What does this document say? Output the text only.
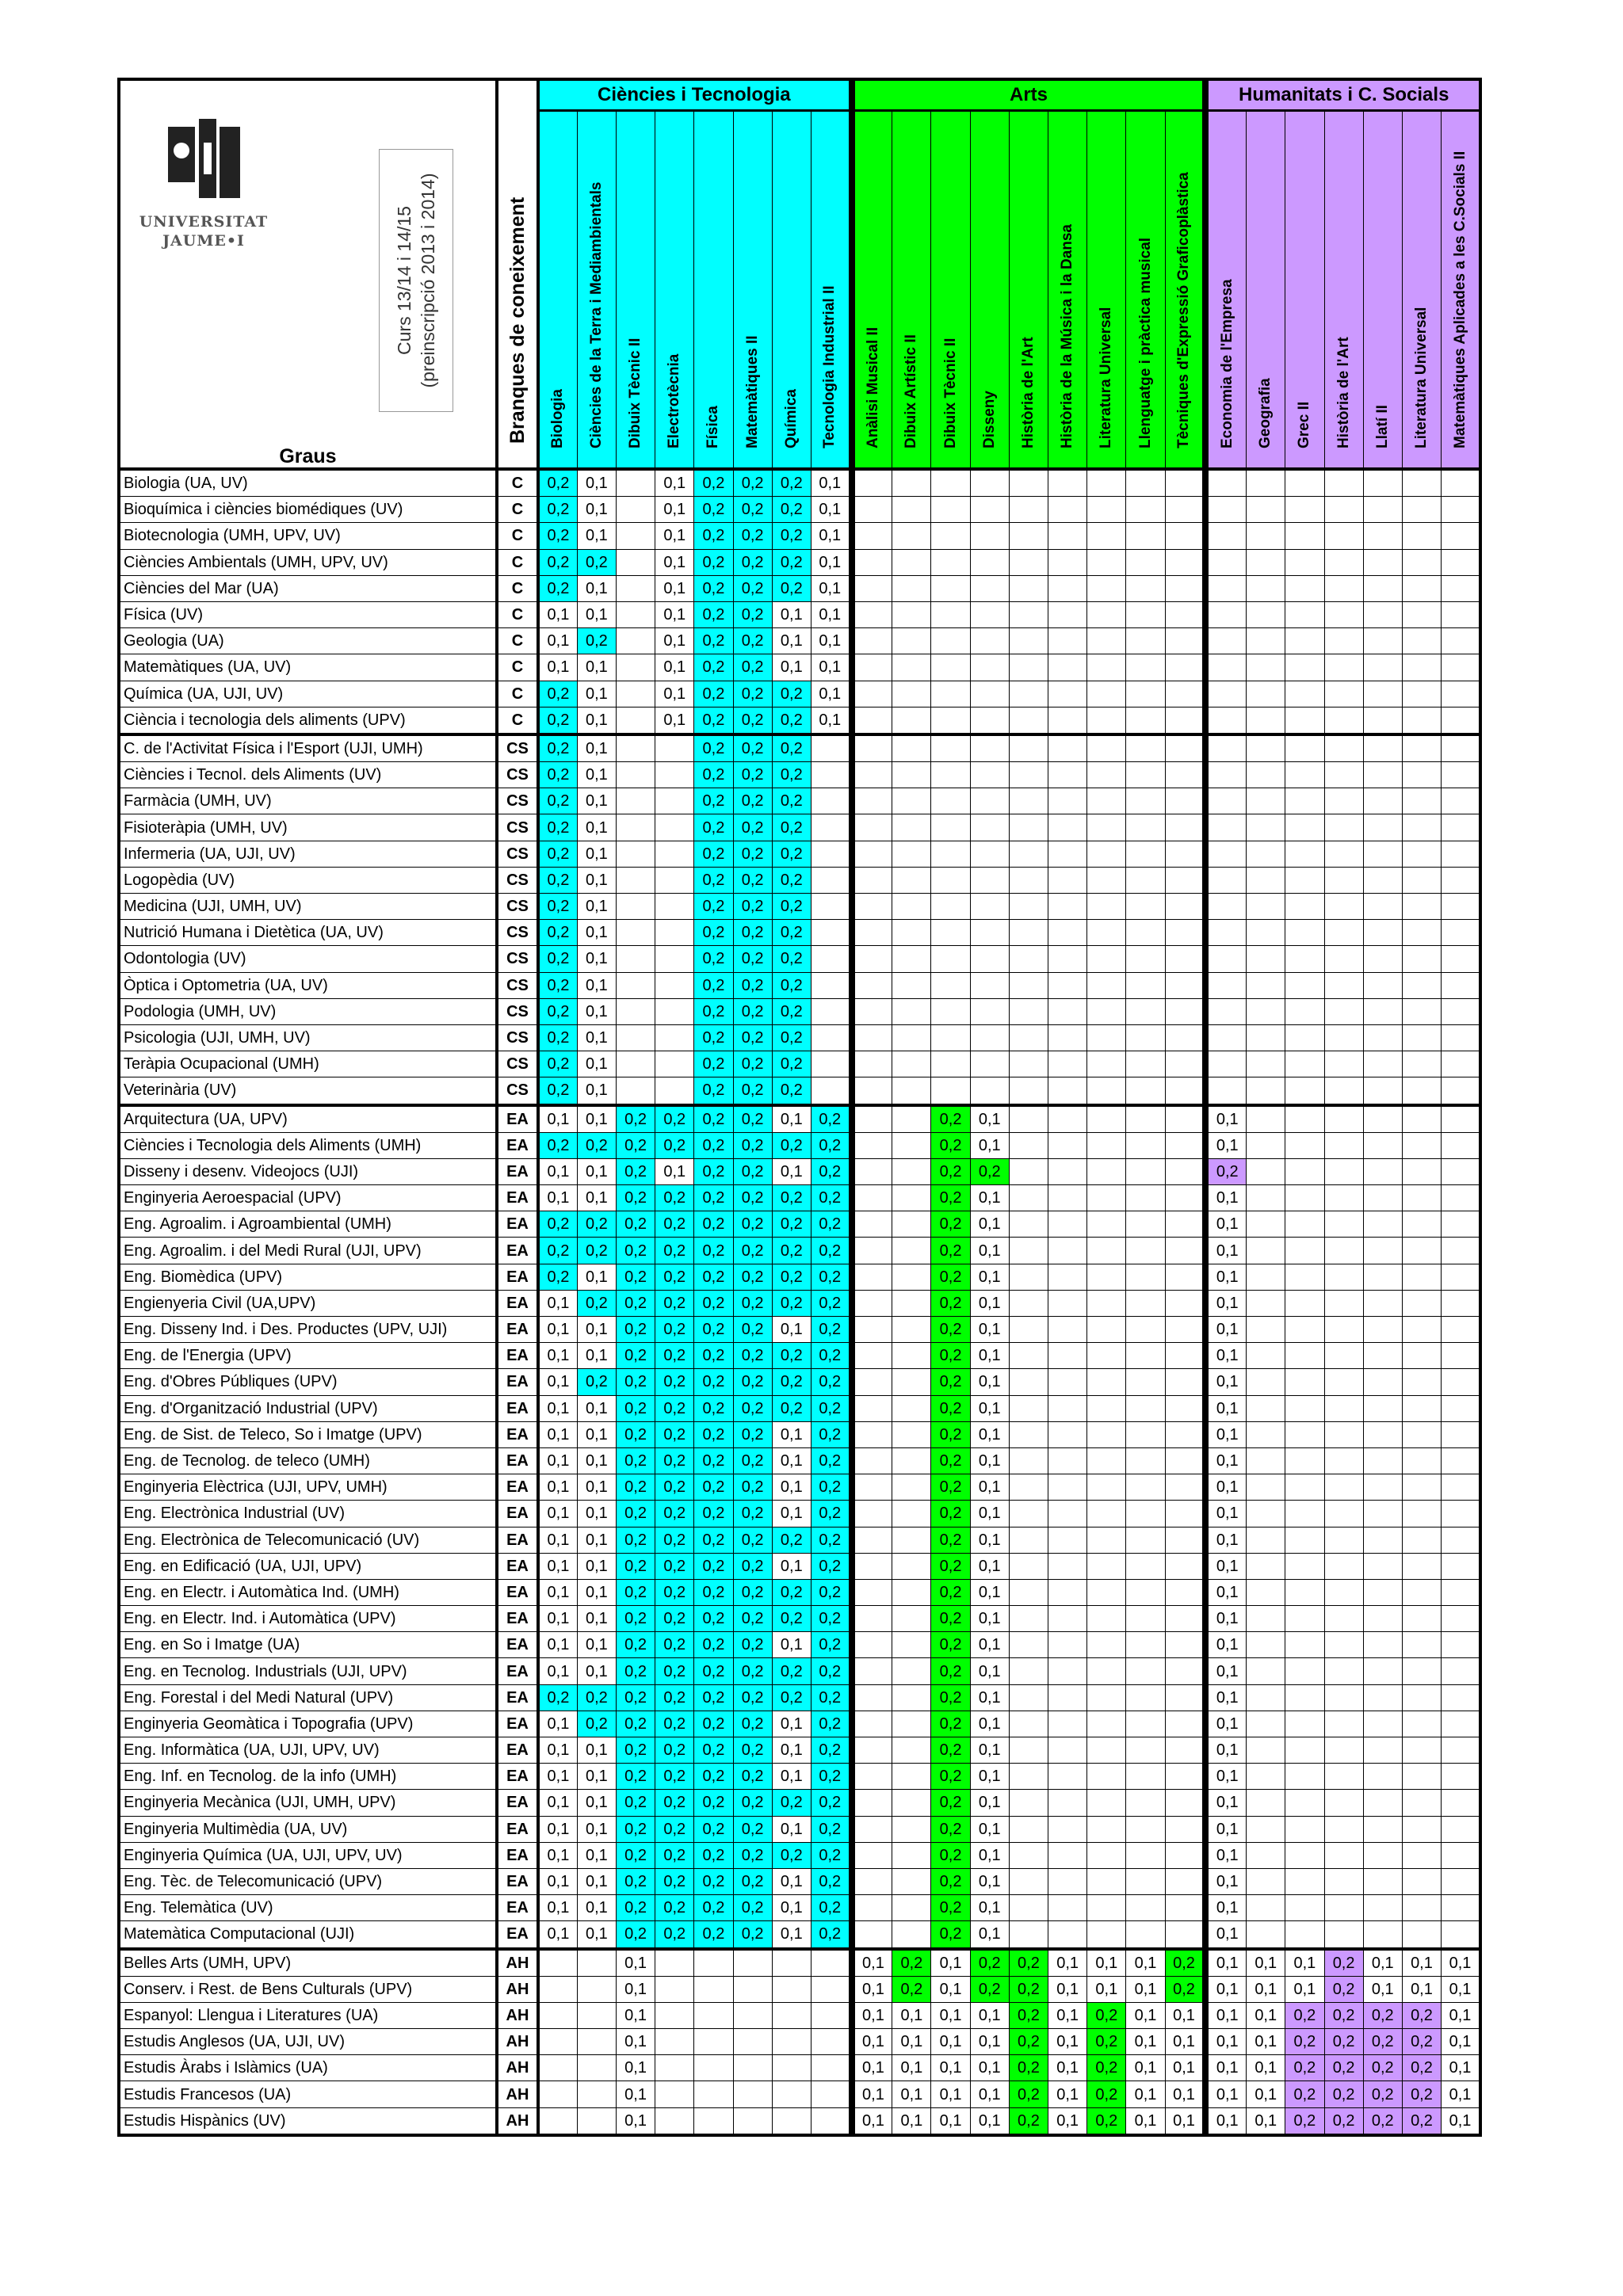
UNIVERSITAT
JAUME•I	Curs 13/14 i 14/15 (preinscripció 2013 i 2014)
Graus	Branques de coneixement	Ciències i Tecnologia									Arts										Humanitats i C. Socials						

		Biologia	Ciències de la Terra i Mediambientals	Dibuix Tècnic II	Electrotècnia	Física	Matemàtiques II	Química	Tecnologia Industrial II		Anàlisi Musical II	Dibuix Artístic II	Dibuix Tècnic II	Disseny	Història de l'Art	Història de la Música i la Dansa	Literatura Universal	Llenguatge i pràctica musical	Tècniques d'Expressió Graficoplàstica		Economia de l'Empresa	Geografia	Grec II	Història de l'Art	Llatí II	Literatura Universal	Matemàtiques Aplicades a les C.Socials II

Biologia (UA, UV)	C	0,2	0,1		0,1	0,2	0,2	0,2	0,1																		
Bioquímica i ciències biomédiques (UV)	C	0,2	0,1		0,1	0,2	0,2	0,2	0,1																		
Biotecnologia (UMH, UPV, UV)	C	0,2	0,1		0,1	0,2	0,2	0,2	0,1																		
Ciències Ambientals (UMH, UPV, UV)	C	0,2	0,2		0,1	0,2	0,2	0,2	0,1																		
Ciències del Mar (UA)	C	0,2	0,1		0,1	0,2	0,2	0,2	0,1																		
Física (UV)	C	0,1	0,1		0,1	0,2	0,2	0,1	0,1																		
Geologia (UA)	C	0,1	0,2		0,1	0,2	0,2	0,1	0,1																		
Matemàtiques (UA, UV)	C	0,1	0,1		0,1	0,2	0,2	0,1	0,1																		
Química (UA, UJI, UV)	C	0,2	0,1		0,1	0,2	0,2	0,2	0,1																		
Ciència i tecnologia dels aliments (UPV)	C	0,2	0,1		0,1	0,2	0,2	0,2	0,1																		
C. de l'Activitat Física i l'Esport (UJI, UMH)	CS	0,2	0,1			0,2	0,2	0,2																			
Ciències i Tecnol. dels Aliments (UV)	CS	0,2	0,1			0,2	0,2	0,2																			
Farmàcia (UMH, UV)	CS	0,2	0,1			0,2	0,2	0,2																			
Fisioteràpia (UMH, UV)	CS	0,2	0,1			0,2	0,2	0,2																			
Infermeria (UA, UJI, UV)	CS	0,2	0,1			0,2	0,2	0,2																			
Logopèdia (UV)	CS	0,2	0,1			0,2	0,2	0,2																			
Medicina (UJI, UMH, UV)	CS	0,2	0,1			0,2	0,2	0,2																			
Nutrició Humana i Dietètica (UA, UV)	CS	0,2	0,1			0,2	0,2	0,2																			
Odontologia (UV)	CS	0,2	0,1			0,2	0,2	0,2																			
Òptica i Optometria (UA, UV)	CS	0,2	0,1			0,2	0,2	0,2																			
Podologia (UMH, UV)	CS	0,2	0,1			0,2	0,2	0,2																			
Psicologia (UJI, UMH, UV)	CS	0,2	0,1			0,2	0,2	0,2																			
Teràpia Ocupacional (UMH)	CS	0,2	0,1			0,2	0,2	0,2																			
Veterinària (UV)	CS	0,2	0,1			0,2	0,2	0,2																			
Arquitectura (UA, UPV)	EA	0,1	0,1	0,2	0,2	0,2	0,2	0,1	0,2				0,2	0,1							0,1						
Ciències i Tecnologia dels Aliments (UMH)	EA	0,2	0,2	0,2	0,2	0,2	0,2	0,2	0,2				0,2	0,1							0,1						
Disseny i desenv. Videojocs (UJI)	EA	0,1	0,1	0,2	0,1	0,2	0,2	0,1	0,2				0,2	0,2							0,2						
Enginyeria Aeroespacial (UPV)	EA	0,1	0,1	0,2	0,2	0,2	0,2	0,2	0,2				0,2	0,1							0,1						
Eng. Agroalim. i Agroambiental (UMH)	EA	0,2	0,2	0,2	0,2	0,2	0,2	0,2	0,2				0,2	0,1							0,1						
Eng. Agroalim. i del Medi Rural (UJI, UPV)	EA	0,2	0,2	0,2	0,2	0,2	0,2	0,2	0,2				0,2	0,1							0,1						
Eng. Biomèdica (UPV)	EA	0,2	0,1	0,2	0,2	0,2	0,2	0,2	0,2				0,2	0,1							0,1						
Engienyeria Civil (UA,UPV)	EA	0,1	0,2	0,2	0,2	0,2	0,2	0,2	0,2				0,2	0,1							0,1						
Eng. Disseny Ind. i Des. Productes (UPV, UJI)	EA	0,1	0,1	0,2	0,2	0,2	0,2	0,1	0,2				0,2	0,1							0,1						
Eng. de l'Energia (UPV)	EA	0,1	0,1	0,2	0,2	0,2	0,2	0,2	0,2				0,2	0,1							0,1						
Eng. d'Obres Públiques (UPV)	EA	0,1	0,2	0,2	0,2	0,2	0,2	0,2	0,2				0,2	0,1							0,1						
Eng. d'Organització Industrial (UPV)	EA	0,1	0,1	0,2	0,2	0,2	0,2	0,2	0,2				0,2	0,1							0,1						
Eng. de Sist. de Teleco, So i Imatge (UPV)	EA	0,1	0,1	0,2	0,2	0,2	0,2	0,1	0,2				0,2	0,1							0,1						
Eng. de Tecnolog. de teleco (UMH)	EA	0,1	0,1	0,2	0,2	0,2	0,2	0,1	0,2				0,2	0,1							0,1						
Enginyeria Elèctrica (UJI, UPV, UMH)	EA	0,1	0,1	0,2	0,2	0,2	0,2	0,1	0,2				0,2	0,1							0,1						
Eng. Electrònica Industrial (UV)	EA	0,1	0,1	0,2	0,2	0,2	0,2	0,1	0,2				0,2	0,1							0,1						
Eng. Electrònica de Telecomunicació (UV)	EA	0,1	0,1	0,2	0,2	0,2	0,2	0,2	0,2				0,2	0,1							0,1						
Eng. en Edificació (UA, UJI, UPV)	EA	0,1	0,1	0,2	0,2	0,2	0,2	0,1	0,2				0,2	0,1							0,1						
Eng. en Electr. i Automàtica Ind. (UMH)	EA	0,1	0,1	0,2	0,2	0,2	0,2	0,2	0,2				0,2	0,1							0,1						
Eng. en Electr. Ind. i Automàtica (UPV)	EA	0,1	0,1	0,2	0,2	0,2	0,2	0,2	0,2				0,2	0,1							0,1						
Eng. en So i Imatge (UA)	EA	0,1	0,1	0,2	0,2	0,2	0,2	0,1	0,2				0,2	0,1							0,1						
Eng. en Tecnolog. Industrials (UJI, UPV)	EA	0,1	0,1	0,2	0,2	0,2	0,2	0,2	0,2				0,2	0,1							0,1						
Eng. Forestal i del Medi Natural (UPV)	EA	0,2	0,2	0,2	0,2	0,2	0,2	0,2	0,2				0,2	0,1							0,1						
Enginyeria Geomàtica i Topografia (UPV)	EA	0,1	0,2	0,2	0,2	0,2	0,2	0,1	0,2				0,2	0,1							0,1						
Eng. Informàtica (UA, UJI, UPV, UV)	EA	0,1	0,1	0,2	0,2	0,2	0,2	0,1	0,2				0,2	0,1							0,1						
Eng. Inf. en Tecnolog. de la info (UMH)	EA	0,1	0,1	0,2	0,2	0,2	0,2	0,1	0,2				0,2	0,1							0,1						
Enginyeria Mecànica (UJI, UMH, UPV)	EA	0,1	0,1	0,2	0,2	0,2	0,2	0,2	0,2				0,2	0,1							0,1						
Enginyeria Multimèdia (UA, UV)	EA	0,1	0,1	0,2	0,2	0,2	0,2	0,1	0,2				0,2	0,1							0,1						
Enginyeria Química (UA, UJI, UPV, UV)	EA	0,1	0,1	0,2	0,2	0,2	0,2	0,2	0,2				0,2	0,1							0,1						
Eng. Tèc. de Telecomunicació (UPV)	EA	0,1	0,1	0,2	0,2	0,2	0,2	0,1	0,2				0,2	0,1							0,1						
Eng. Telemàtica (UV)	EA	0,1	0,1	0,2	0,2	0,2	0,2	0,1	0,2				0,2	0,1							0,1						
Matemàtica Computacional (UJI)	EA	0,1	0,1	0,2	0,2	0,2	0,2	0,1	0,2				0,2	0,1							0,1						
Belles Arts (UMH, UPV)	AH			0,1							0,1	0,2	0,1	0,2	0,2	0,1	0,1	0,1	0,2		0,1	0,1	0,1	0,2	0,1	0,1	0,1
Conserv. i Rest. de Bens Culturals (UPV)	AH			0,1							0,1	0,2	0,1	0,2	0,2	0,1	0,1	0,1	0,2		0,1	0,1	0,1	0,2	0,1	0,1	0,1
Espanyol: Llengua i Literatures (UA)	AH			0,1							0,1	0,1	0,1	0,1	0,2	0,1	0,2	0,1	0,1		0,1	0,1	0,2	0,2	0,2	0,2	0,1
Estudis Anglesos (UA, UJI, UV)	AH			0,1							0,1	0,1	0,1	0,1	0,2	0,1	0,2	0,1	0,1		0,1	0,1	0,2	0,2	0,2	0,2	0,1
Estudis Àrabs i Islàmics (UA)	AH			0,1							0,1	0,1	0,1	0,1	0,2	0,1	0,2	0,1	0,1		0,1	0,1	0,2	0,2	0,2	0,2	0,1
Estudis Francesos (UA)	AH			0,1							0,1	0,1	0,1	0,1	0,2	0,1	0,2	0,1	0,1		0,1	0,1	0,2	0,2	0,2	0,2	0,1
Estudis Hispànics (UV)	AH			0,1							0,1	0,1	0,1	0,1	0,2	0,1	0,2	0,1	0,1		0,1	0,1	0,2	0,2	0,2	0,2	0,1
